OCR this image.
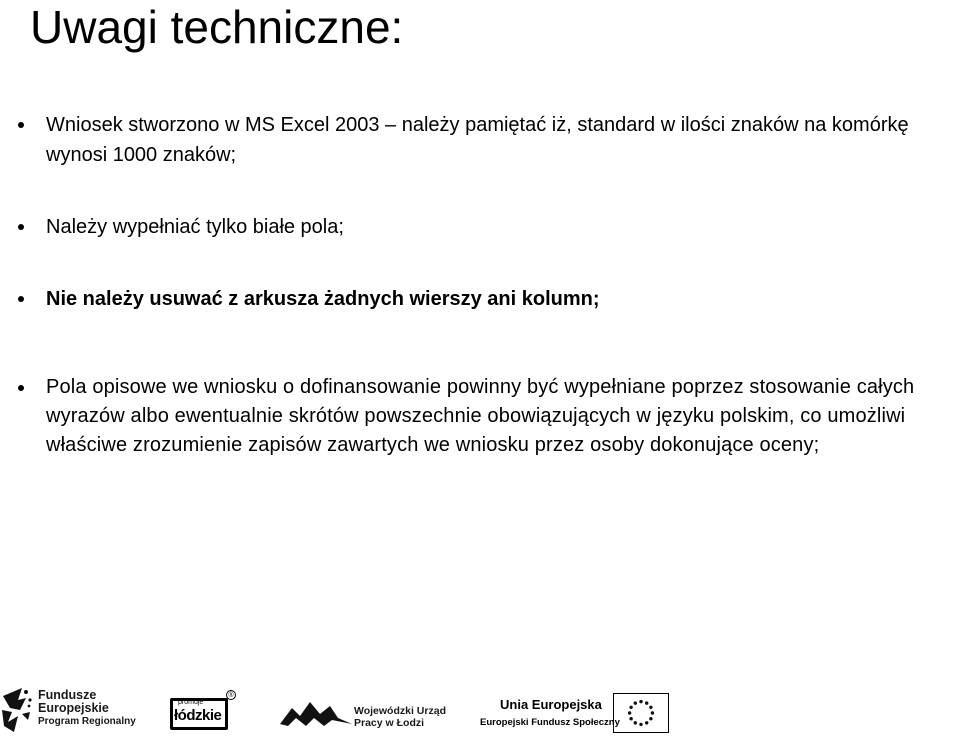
Uwagi techniczne:
Wniosek stworzono w MS Excel 2003 – należy pamiętać iż, standard w ilości znaków na komórkę wynosi 1000 znaków;
Należy wypełniać tylko białe pola;
Nie należy usuwać z arkusza żadnych wierszy ani kolumn;
Pola opisowe we wniosku o dofinansowanie powinny być wypełniane poprzez stosowanie całych wyrazów albo ewentualnie skrótów powszechnie obowiązujących w języku polskim, co umożliwi właściwe zrozumienie zapisów zawartych we wniosku przez osoby dokonujące oceny;
Fundusze
Europejskie
Program Regionalny
promuje
łódzkie
®
Wojewódzki Urząd
Pracy w Łodzi
Unia Europejska
Europejski Fundusz Społeczny
